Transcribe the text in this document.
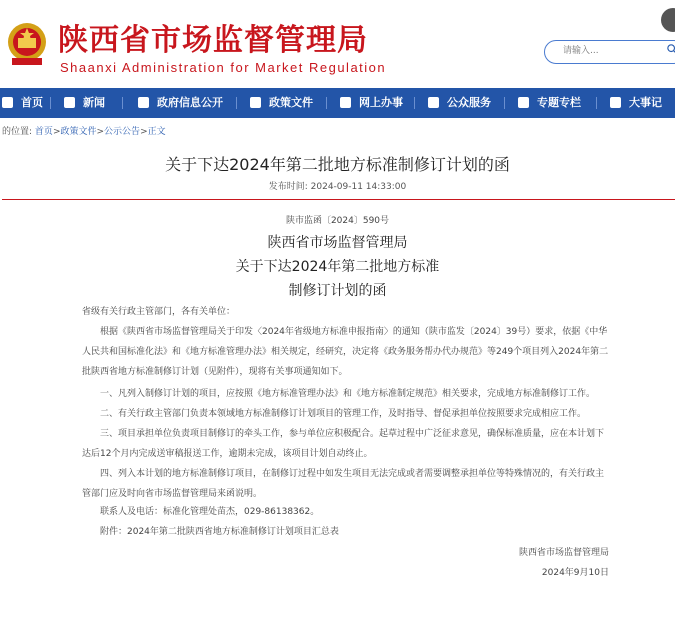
陕西省市场监督管理局
Shaanxi Administration for Market Regulation
请输入...
首页	新闻	政府信息公开	政策文件	网上办事	公众服务	专题专栏	大事记
的位置: 首页>政策文件>公示公告>正文
关于下达2024年第二批地方标准制修订计划的函
发布时间: 2024-09-11 14:33:00
陕市监函〔2024〕590号
陕西省市场监督管理局
关于下达2024年第二批地方标准
制修订计划的函
省级有关行政主管部门，各有关单位：
根据《陕西省市场监督管理局关于印发〈2024年省级地方标准申报指南〉的通知（陕市监发〔2024〕39号）要求，依据《中华人民共和国标准化法》和《地方标准管理办法》相关规定，经研究，决定将《政务服务帮办代办规范》等249个项目列入2024年第二批陕西省地方标准制修订计划（见附件），现将有关事项通知如下。
一、凡列入制修订计划的项目，应按照《地方标准管理办法》和《地方标准制定规范》相关要求，完成地方标准制修订工作。
二、有关行政主管部门负责本领域地方标准制修订计划项目的管理工作，及时指导、督促承担单位按照要求完成相应工作。
三、项目承担单位负责项目制修订的牵头工作，参与单位应积极配合。起草过程中广泛征求意见，确保标准质量，应在本计划下达后12个月内完成送审稿报送工作，逾期未完成，该项目计划自动终止。
四、列入本计划的地方标准制修订项目，在制修订过程中如发生项目无法完成或者需要调整承担单位等特殊情况的，有关行政主管部门应及时向省市场监督管理局来函说明。
联系人及电话：标准化管理处苗杰，029-86138362。
附件：2024年第二批陕西省地方标准制修订计划项目汇总表
陕西省市场监督管理局
2024年9月10日
